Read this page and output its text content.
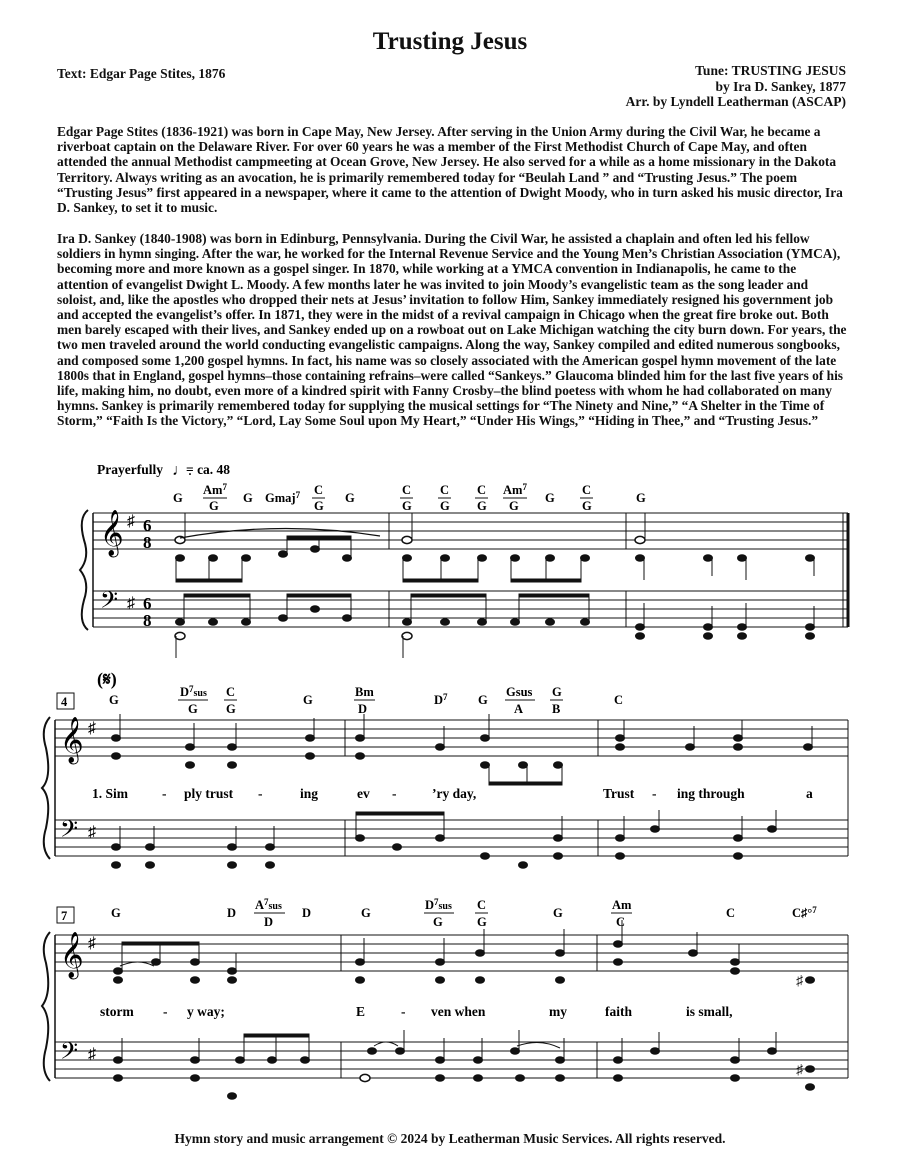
Trusting Jesus
Text: Edgar Page Stites, 1876	Tune: TRUSTING JESUS
by Ira D. Sankey, 1877
Arr. by Lyndell Leatherman (ASCAP)

Edgar Page Stites (1836-1921) was born in Cape May, New Jersey. After serving in the Union Army during the Civil War, he became a riverboat captain on the Delaware River. For over 60 years he was a member of the First Methodist Church of Cape May, and often attended the annual Methodist campmeeting at Ocean Grove, New Jersey. He also served for a while as a home missionary in the Dakota Territory. Always writing as an avocation, he is primarily remembered today for “Beulah Land ” and “Trusting Jesus.” The poem “Trusting Jesus” first appeared in a newspaper, where it came to the attention of Dwight Moody, who in turn asked his music director, Ira D. Sankey, to set it to music.

Ira D. Sankey (1840-1908) was born in Edinburg, Pennsylvania. During the Civil War, he assisted a chaplain and often led his fellow soldiers in hymn singing. After the war, he worked for the Internal Revenue Service and the Young Men’s Christian Association (YMCA), becoming more and more known as a gospel singer. In 1870, while working at a YMCA convention in Indianapolis, he came to the attention of evangelist Dwight L. Moody. A few months later he was invited to join Moody’s evangelistic team as the song leader and soloist, and, like the apostles who dropped their nets at Jesus’ invitation to follow Him, Sankey immediately resigned his government job and accepted the evangelist’s offer. In 1871, they were in the midst of a revival campaign in Chicago when the great fire broke out. Both men barely escaped with their lives, and Sankey ended up on a rowboat out on Lake Michigan watching the city burn down. For years, the two men traveled around the world conducting evangelistic campaigns. Along the way, Sankey compiled and edited numerous songbooks, and composed some 1,200 gospel hymns. In fact, his name was so closely associated with the American gospel hymn movement of the late 1800s that in England, gospel hymns–those containing refrains–were called “Sankeys.” Glaucoma blinded him for the last five years of his life, making him, no doubt, even more of a kindred spirit with Fanny Crosby–the blind poetess with whom he had collaborated on many hymns. Sankey is primarily remembered today for supplying the musical settings for “The Ninety and Nine,” “A Shelter in the Time of Storm,” “Faith Is the Victory,” “Lord, Lay Some Soul upon My Heart,” “Under His Wings,” “Hiding in Thee,” and “Trusting Jesus.”

Prayerfully ♩.
= ca. 48
G
Am$^7$
G
G Gmaj$^7$ C
G
G
C
G
C
G
C
G
Am$^7$
G
G
C
G
G
𝄞
𝄢
♯
♯
6
8
6
8
(𝄋)
4	G
$D^7_{sus}$
G
C
G
G
Bm
D
$D^7$ G
Gsus
A
G
B
C
𝄞
𝄢
♯
♯
1. Sim	- ply trust -	ing	ev -	’ry day,	Trust - ing through	a
7	G	D
$A^7_{sus}$
D
D	G
$D^7_{sus}$
G
C
G
G
Am
C
C	C♯°$^7$
𝄞
𝄢
♯
♯
♯
♯
storm - y way;	E	- ven when	my	faith	is small,
Hymn story and music arrangement © 2024 by Leatherman Music Services. All rights reserved.
